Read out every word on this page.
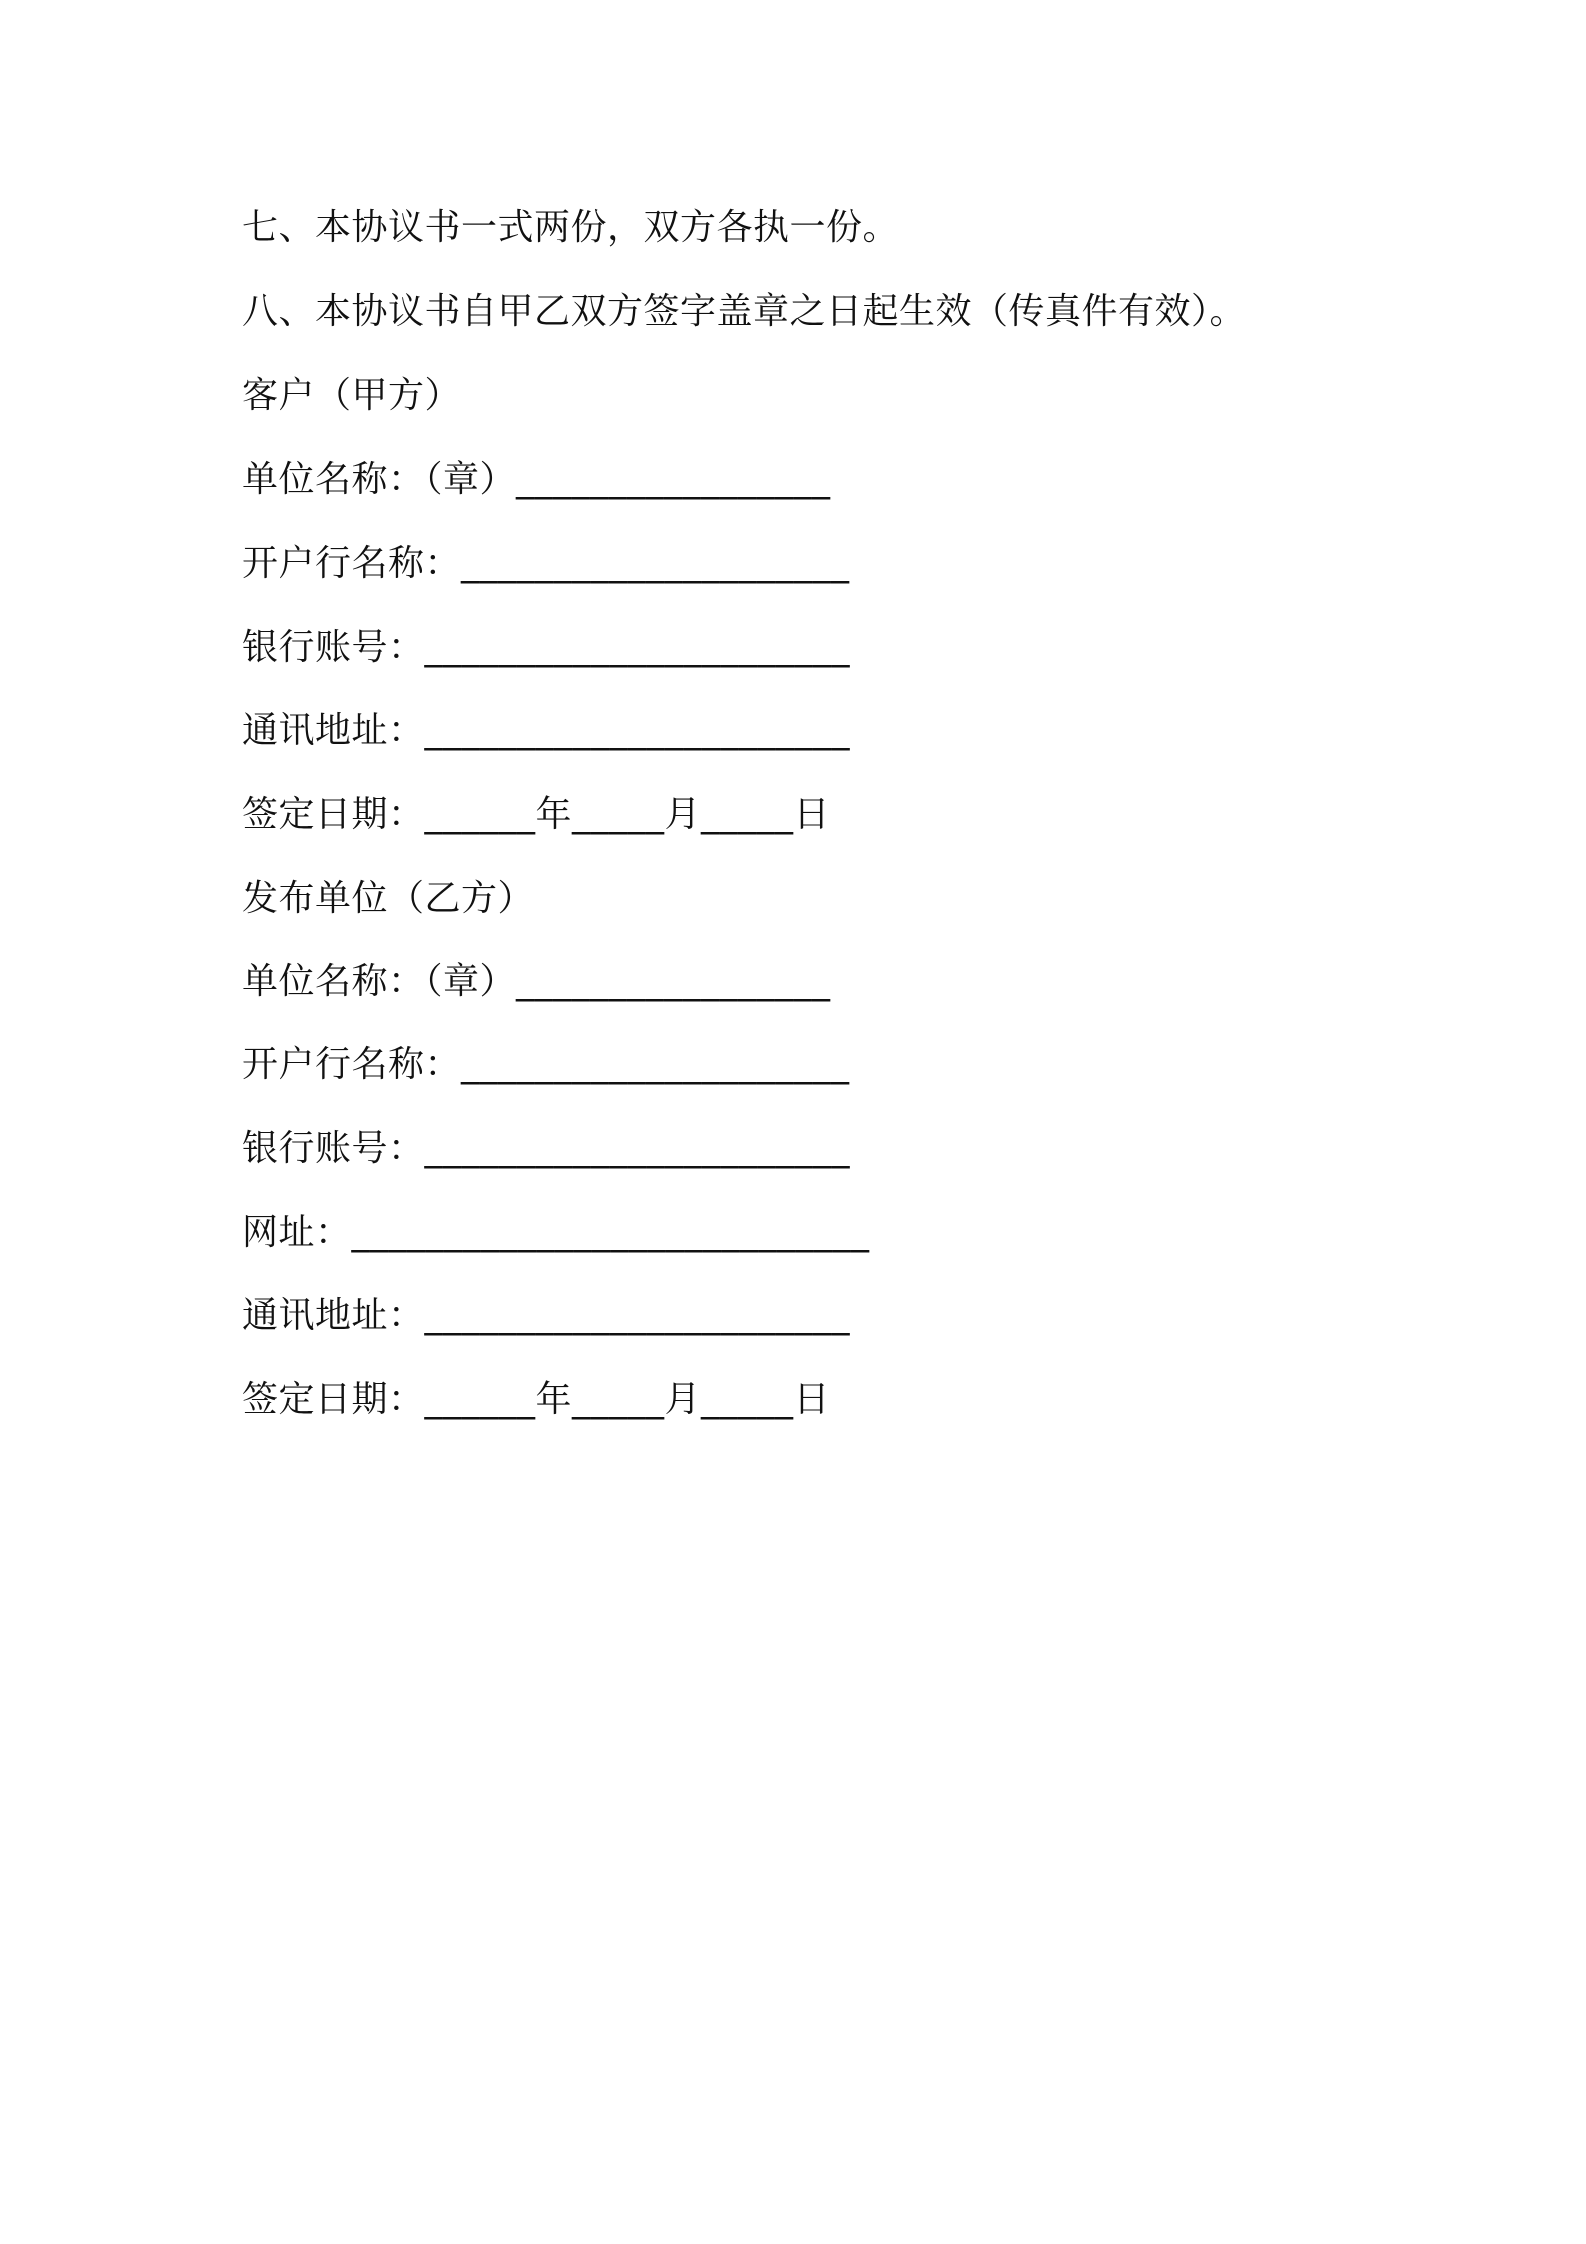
七、本协议书一式两份，双方各执一份。
八、本协议书自甲乙双方签字盖章之日起生效（传真件有效）。
客户（甲方）
单位名称：（章）_________________
开户行名称：_____________________
银行账号：_______________________
通讯地址：_______________________
签定日期：______年_____月_____日
发布单位（乙方）
单位名称：（章）_________________
开户行名称：_____________________
银行账号：_______________________
网址：____________________________
通讯地址：_______________________
签定日期：______年_____月_____日
